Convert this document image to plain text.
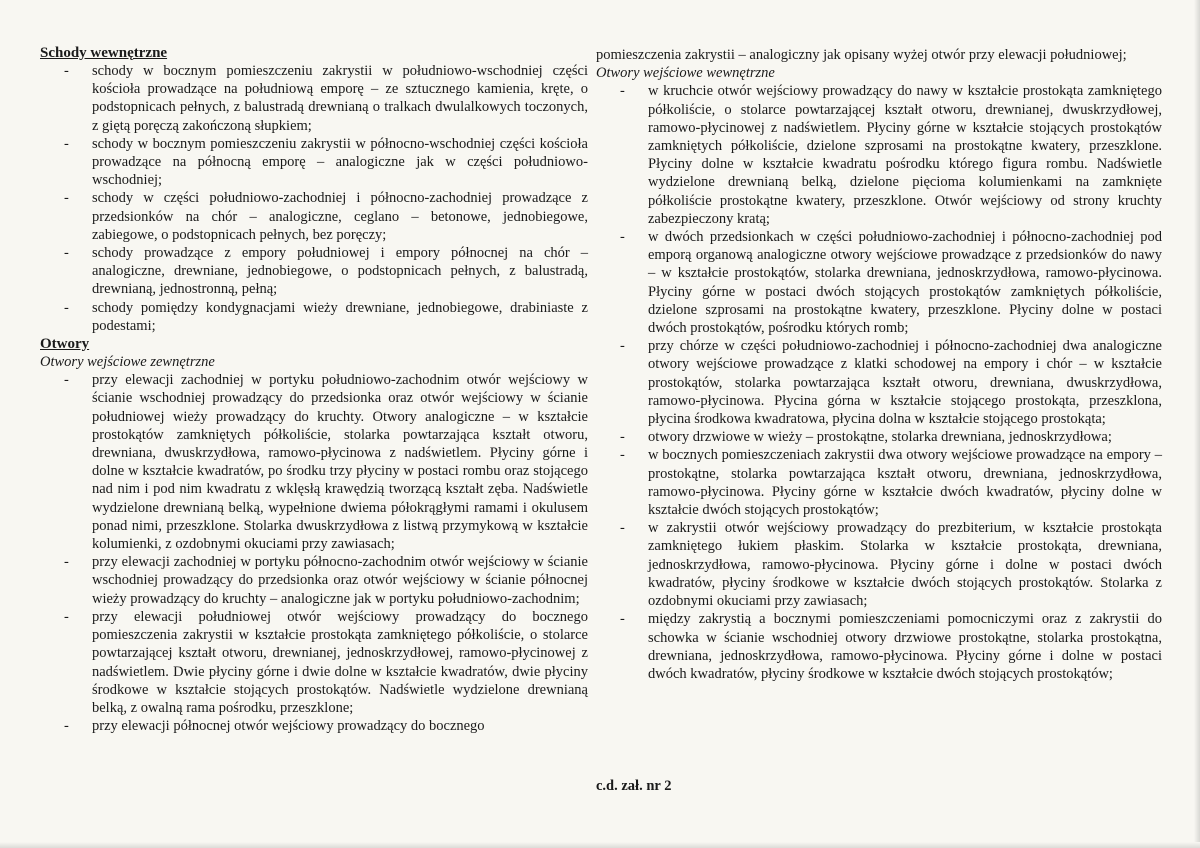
Schody wewnętrzne
- schody w bocznym pomieszczeniu zakrystii w południowo-wschodniej części kościoła prowadzące na południową emporę – ze sztucznego kamienia, kręte, o podstopnicach pełnych, z balustradą drewnianą o tralkach dwulalkowych toczonych, z giętą poręczą zakończoną słupkiem;
- schody w bocznym pomieszczeniu zakrystii w północno-wschodniej części kościoła prowadzące na północną emporę – analogiczne jak w części południowo- wschodniej;
- schody w części południowo-zachodniej i północno-zachodniej prowadzące z przedsionków na chór – analogiczne, ceglano – betonowe, jednobiegowe, zabiegowe, o podstopnicach pełnych, bez poręczy;
- schody prowadzące z empory południowej i empory północnej na chór – analogiczne, drewniane, jednobiegowe, o podstopnicach pełnych, z balustradą, drewnianą, jednostronną, pełną;
- schody pomiędzy kondygnacjami wieży drewniane, jednobiegowe, drabiniaste z podestami;
Otwory
Otwory wejściowe zewnętrzne
- przy elewacji zachodniej w portyku południowo-zachodnim otwór wejściowy w ścianie wschodniej prowadzący do przedsionka oraz otwór wejściowy w ścianie południowej wieży prowadzący do kruchty. Otwory analogiczne – w kształcie prostokątów zamkniętych półkoliście, stolarka powtarzająca kształt otworu, drewniana, dwuskrzydłowa, ramowo-płycinowa z nadświetlem. Płyciny górne i dolne w kształcie kwadratów, po środku trzy płyciny w postaci rombu oraz stojącego nad nim i pod nim kwadratu z wklęsłą krawędzią tworzącą kształt zęba. Nadświetle wydzielone drewnianą belką, wypełnione dwiema półokrągłymi ramami i okulusem ponad nimi, przeszklone. Stolarka dwuskrzydłowa z listwą przymykową w kształcie kolumienki, z ozdobnymi okuciami przy zawiasach;
- przy elewacji zachodniej w portyku północno-zachodnim otwór wejściowy w ścianie wschodniej prowadzący do przedsionka oraz otwór wejściowy w ścianie północnej wieży prowadzący do kruchty – analogiczne jak w portyku południowo-zachodnim;
- przy elewacji południowej otwór wejściowy prowadzący do bocznego pomieszczenia zakrystii w kształcie prostokąta zamkniętego półkoliście, o stolarce powtarzającej kształt otworu, drewnianej, jednoskrzydłowej, ramowo-płycinowej z nadświetlem. Dwie płyciny górne i dwie dolne w kształcie kwadratów, dwie płyciny środkowe w kształcie stojących prostokątów. Nadświetle wydzielone drewnianą belką, z owalną rama pośrodku, przeszklone;
- przy elewacji północnej otwór wejściowy prowadzący do bocznego

pomieszczenia zakrystii – analogiczny jak opisany wyżej otwór przy elewacji południowej;

Otwory wejściowe wewnętrzne
- w kruchcie otwór wejściowy prowadzący do nawy w kształcie prostokąta zamkniętego półkoliście, o stolarce powtarzającej kształt otworu, drewnianej, dwuskrzydłowej, ramowo-płycinowej z nadświetlem. Płyciny górne w kształcie stojących prostokątów zamkniętych półkoliście, dzielone szprosami na prostokątne kwatery, przeszklone. Płyciny dolne w kształcie kwadratu pośrodku którego figura rombu. Nadświetle wydzielone drewnianą belką, dzielone pięcioma kolumienkami na zamknięte półkoliście prostokątne kwatery, przeszklone. Otwór wejściowy od strony kruchty zabezpieczony kratą;
- w dwóch przedsionkach w części południowo-zachodniej i północno-zachodniej pod emporą organową analogiczne otwory wejściowe prowadzące z przedsionków do nawy – w kształcie prostokątów, stolarka drewniana, jednoskrzydłowa, ramowo-płycinowa. Płyciny górne w postaci dwóch stojących prostokątów zamkniętych półkoliście, dzielone szprosami na prostokątne kwatery, przeszklone. Płyciny dolne w postaci dwóch prostokątów, pośrodku których romb;
- przy chórze w części południowo-zachodniej i północno-zachodniej dwa analogiczne otwory wejściowe prowadzące z klatki schodowej na empory i chór – w kształcie prostokątów, stolarka powtarzająca kształt otworu, drewniana, dwuskrzydłowa, ramowo-płycinowa. Płycina górna w kształcie stojącego prostokąta, przeszklona, płycina środkowa kwadratowa, płycina dolna w kształcie stojącego prostokąta;
- otwory drzwiowe w wieży – prostokątne, stolarka drewniana, jednoskrzydłowa;
- w bocznych pomieszczeniach zakrystii dwa otwory wejściowe prowadzące na empory – prostokątne, stolarka powtarzająca kształt otworu, drewniana, jednoskrzydłowa, ramowo-płycinowa. Płyciny górne w kształcie dwóch kwadratów, płyciny dolne w kształcie dwóch stojących prostokątów;
- w zakrystii otwór wejściowy prowadzący do prezbiterium, w kształcie prostokąta zamkniętego łukiem płaskim. Stolarka w kształcie prostokąta, drewniana, jednoskrzydłowa, ramowo-płycinowa. Płyciny górne i dolne w postaci dwóch kwadratów, płyciny środkowe w kształcie dwóch stojących prostokątów. Stolarka z ozdobnymi okuciami przy zawiasach;
- między zakrystią a bocznymi pomieszczeniami pomocniczymi oraz z zakrystii do schowka w ścianie wschodniej otwory drzwiowe prostokątne, stolarka prostokątna, drewniana, jednoskrzydłowa, ramowo-płycinowa. Płyciny górne i dolne w postaci dwóch kwadratów, płyciny środkowe w kształcie dwóch stojących prostokątów;
c.d. zał. nr 2
